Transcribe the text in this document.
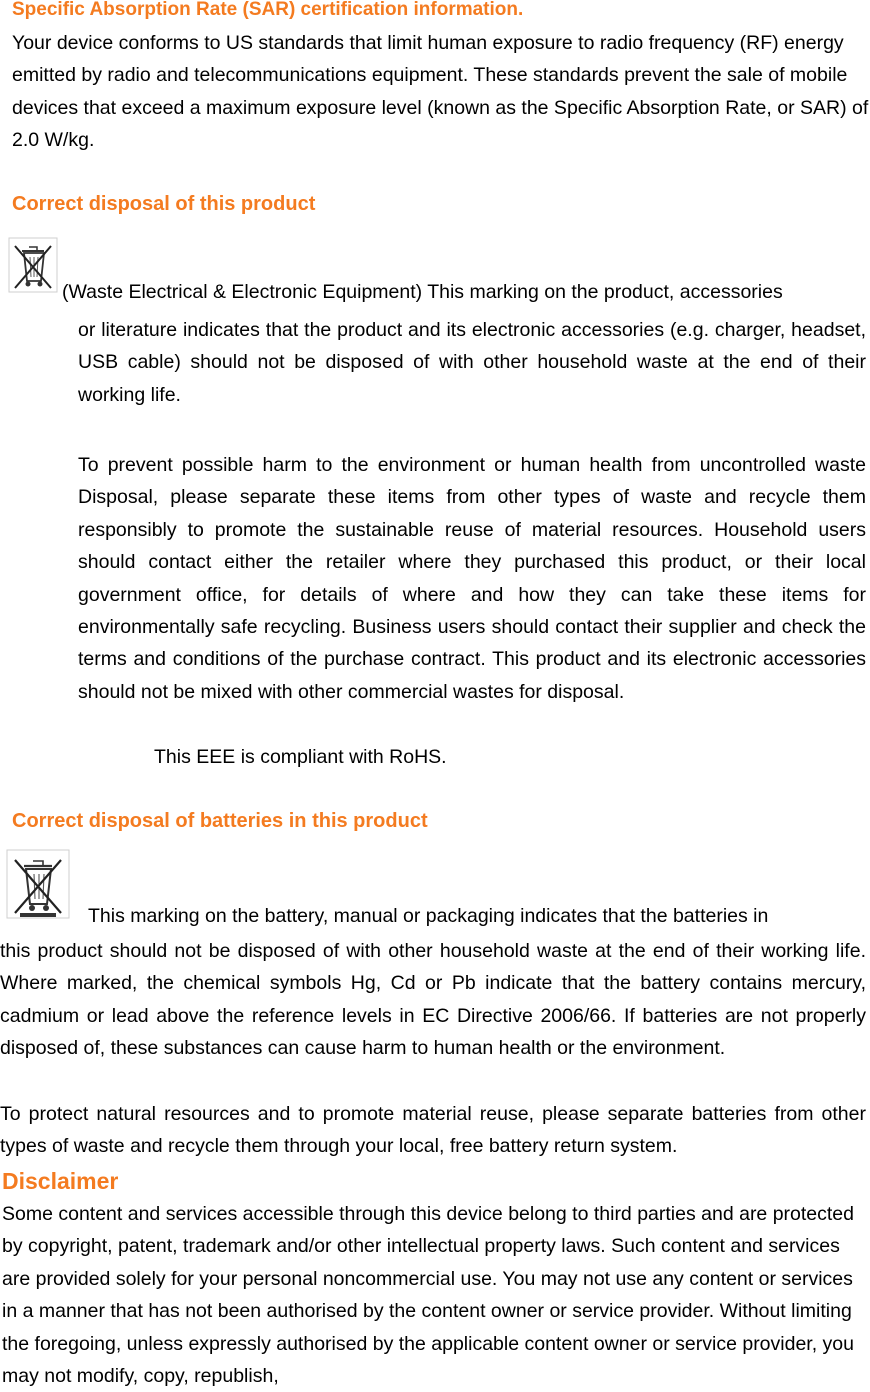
Specific Absorption Rate (SAR) certification information.

Your device conforms to US standards that limit human exposure to radio frequency (RF) energy emitted by radio and telecommunications equipment. These standards prevent the sale of mobile devices that exceed a maximum exposure level (known as the Specific Absorption Rate, or SAR) of 2.0 W/kg.

Correct disposal of this product

(Waste Electrical & Electronic Equipment) This marking on the product, accessories

or literature indicates that the product and its electronic accessories (e.g. charger, headset, USB cable) should not be disposed of with other household waste at the end of their working life.

To prevent possible harm to the environment or human health from uncontrolled waste Disposal, please separate these items from other types of waste and recycle them responsibly to promote the sustainable reuse of material resources. Household users should contact either the retailer where they purchased this product, or their local government office, for details of where and how they can take these items for environmentally safe recycling. Business users should contact their supplier and check the terms and conditions of the purchase contract. This product and its electronic accessories should not be mixed with other commercial wastes for disposal.

This EEE is compliant with RoHS.

Correct disposal of batteries in this product

This marking on the battery, manual or packaging indicates that the batteries in

this product should not be disposed of with other household waste at the end of their working life. Where marked, the chemical symbols Hg, Cd or Pb indicate that the battery contains mercury, cadmium or lead above the reference levels in EC Directive 2006/66. If batteries are not properly disposed of, these substances can cause harm to human health or the environment.

To protect natural resources and to promote material reuse, please separate batteries from other types of waste and recycle them through your local, free battery return system.

Disclaimer

Some content and services accessible through this device belong to third parties and are protected by copyright, patent, trademark and/or other intellectual property laws. Such content and services are provided solely for your personal noncommercial use. You may not use any content or services in a manner that has not been authorised by the content owner or service provider. Without limiting the foregoing, unless expressly authorised by the applicable content owner or service provider, you may not modify, copy, republish,
